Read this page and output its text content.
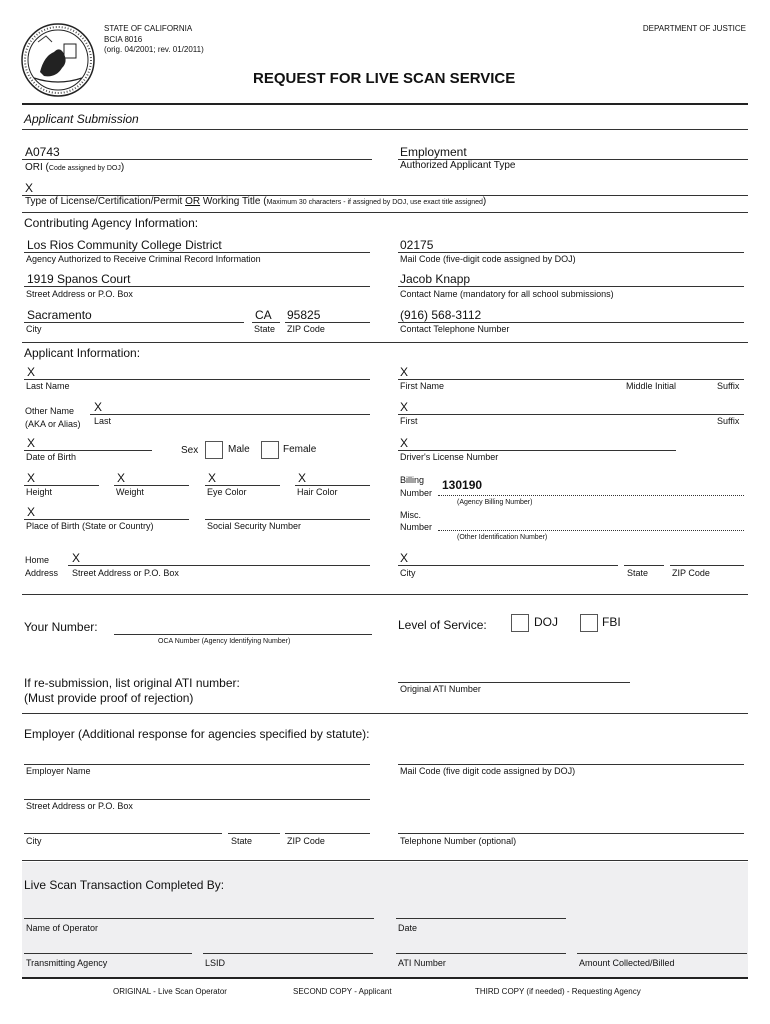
STATE OF CALIFORNIA
BCIA 8016
(orig. 04/2001; rev. 01/2011)
DEPARTMENT OF JUSTICE
REQUEST FOR LIVE SCAN SERVICE
Applicant Submission
A0743
ORI (Code assigned by DOJ)
Employment
Authorized Applicant Type
X
Type of License/Certification/Permit OR Working Title (Maximum 30 characters - if assigned by DOJ, use exact title assigned)
Contributing Agency Information:
Los Rios Community College District
Agency Authorized to Receive Criminal Record Information
02175
Mail Code (five-digit code assigned by DOJ)
1919 Spanos Court
Street Address or P.O. Box
Jacob Knapp
Contact Name (mandatory for all school submissions)
Sacramento
City
CA
State
95825
ZIP Code
(916) 568-3112
Contact Telephone Number
Applicant Information:
X
Last Name
X
First Name	Middle Initial	Suffix
Other Name
(AKA or Alias)
X
Last
X
First	Suffix
X
Date of Birth
Sex	Male	Female	X
Driver's License Number
X
Height
X
Weight
X
Eye Color
X
Hair Color
Billing
Number
130190
(Agency Billing Number)
X
Place of Birth (State or Country)	Social Security Number
Misc.
Number
(Other Identification Number)
Home
Address
X
Street Address or P.O. Box
X
City	State	ZIP Code
Your Number:
OCA Number (Agency Identifying Number)
Level of Service:	DOJ	FBI
If re-submission, list original ATI number:
(Must provide proof of rejection)
Original ATI Number
Employer (Additional response for agencies specified by statute):
Employer Name	Mail Code (five digit code assigned by DOJ)
Street Address or P.O. Box
City	State	ZIP Code	Telephone Number (optional)
Live Scan Transaction Completed By:
Name of Operator	Date
Transmitting Agency	LSID	ATI Number	Amount Collected/Billed
ORIGINAL - Live Scan Operator	SECOND COPY - Applicant	THIRD COPY (if needed) - Requesting Agency
